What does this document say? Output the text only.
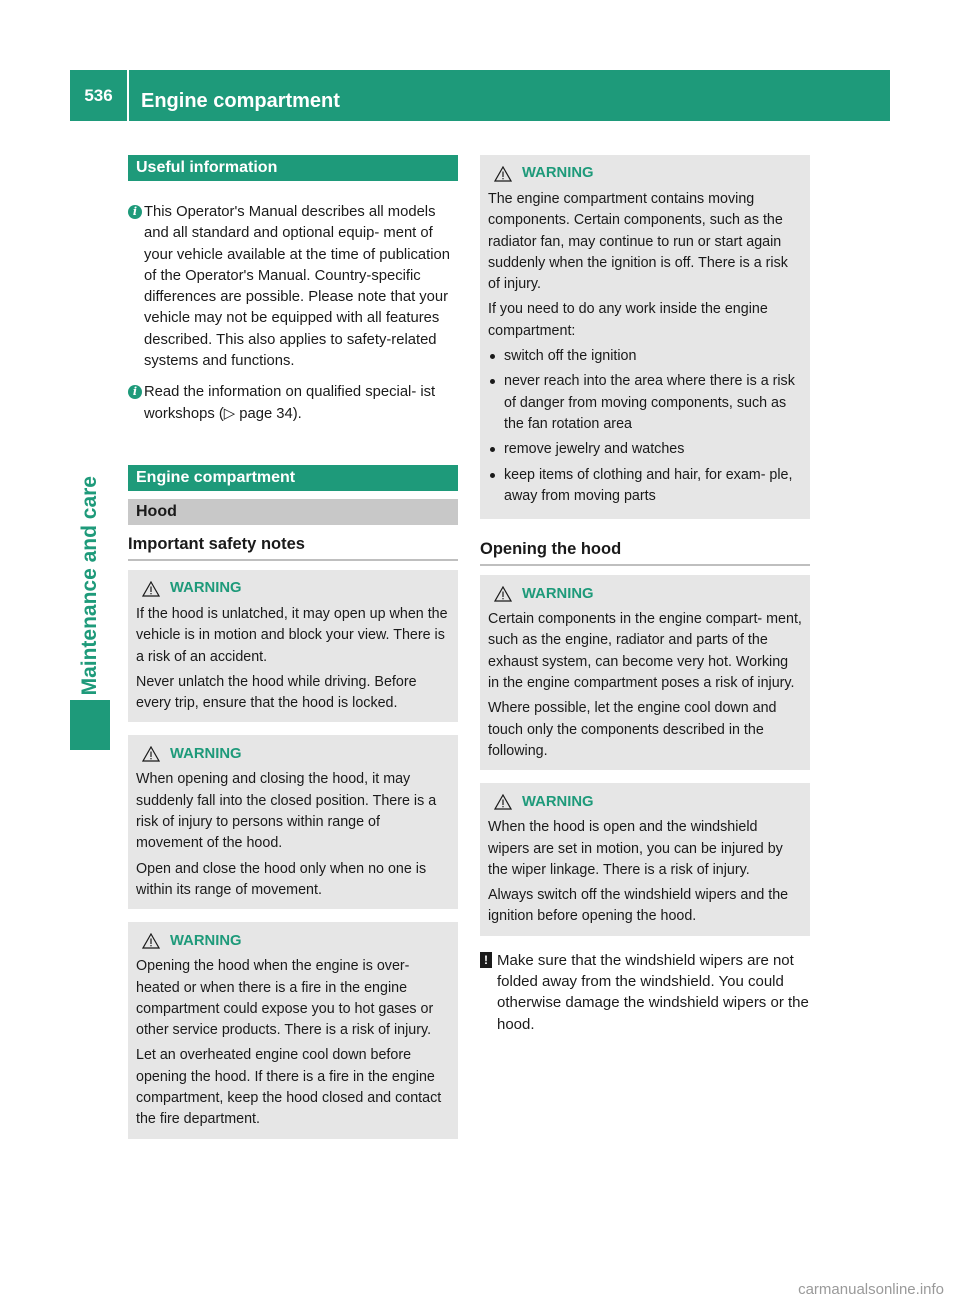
536	Engine compartment
Maintenance and care
Useful information
i This Operator's Manual describes all models and all standard and optional equip- ment of your vehicle available at the time of publication of the Operator's Manual. Country-specific differences are possible. Please note that your vehicle may not be equipped with all features described. This also applies to safety-related systems and functions.

i Read the information on qualified special- ist workshops (▷ page 34).

Engine compartment
Hood
Important safety notes
WARNING

If the hood is unlatched, it may open up when the vehicle is in motion and block your view. There is a risk of an accident.

Never unlatch the hood while driving. Before every trip, ensure that the hood is locked.

WARNING

When opening and closing the hood, it may suddenly fall into the closed position. There is a risk of injury to persons within range of movement of the hood.

Open and close the hood only when no one is within its range of movement.

WARNING

Opening the hood when the engine is over- heated or when there is a fire in the engine compartment could expose you to hot gases or other service products. There is a risk of injury.

Let an overheated engine cool down before opening the hood. If there is a fire in the engine compartment, keep the hood closed and contact the fire department.

WARNING

The engine compartment contains moving components. Certain components, such as the radiator fan, may continue to run or start again suddenly when the ignition is off. There is a risk of injury.

If you need to do any work inside the engine compartment:

switch off the ignition
never reach into the area where there is a risk of danger from moving components, such as the fan rotation area
remove jewelry and watches
keep items of clothing and hair, for exam- ple, away from moving parts
Opening the hood
WARNING

Certain components in the engine compart- ment, such as the engine, radiator and parts of the exhaust system, can become very hot. Working in the engine compartment poses a risk of injury.

Where possible, let the engine cool down and touch only the components described in the following.

WARNING

When the hood is open and the windshield wipers are set in motion, you can be injured by the wiper linkage. There is a risk of injury.

Always switch off the windshield wipers and the ignition before opening the hood.

! Make sure that the windshield wipers are not folded away from the windshield. You could otherwise damage the windshield wipers or the hood.

carmanualsonline.info
